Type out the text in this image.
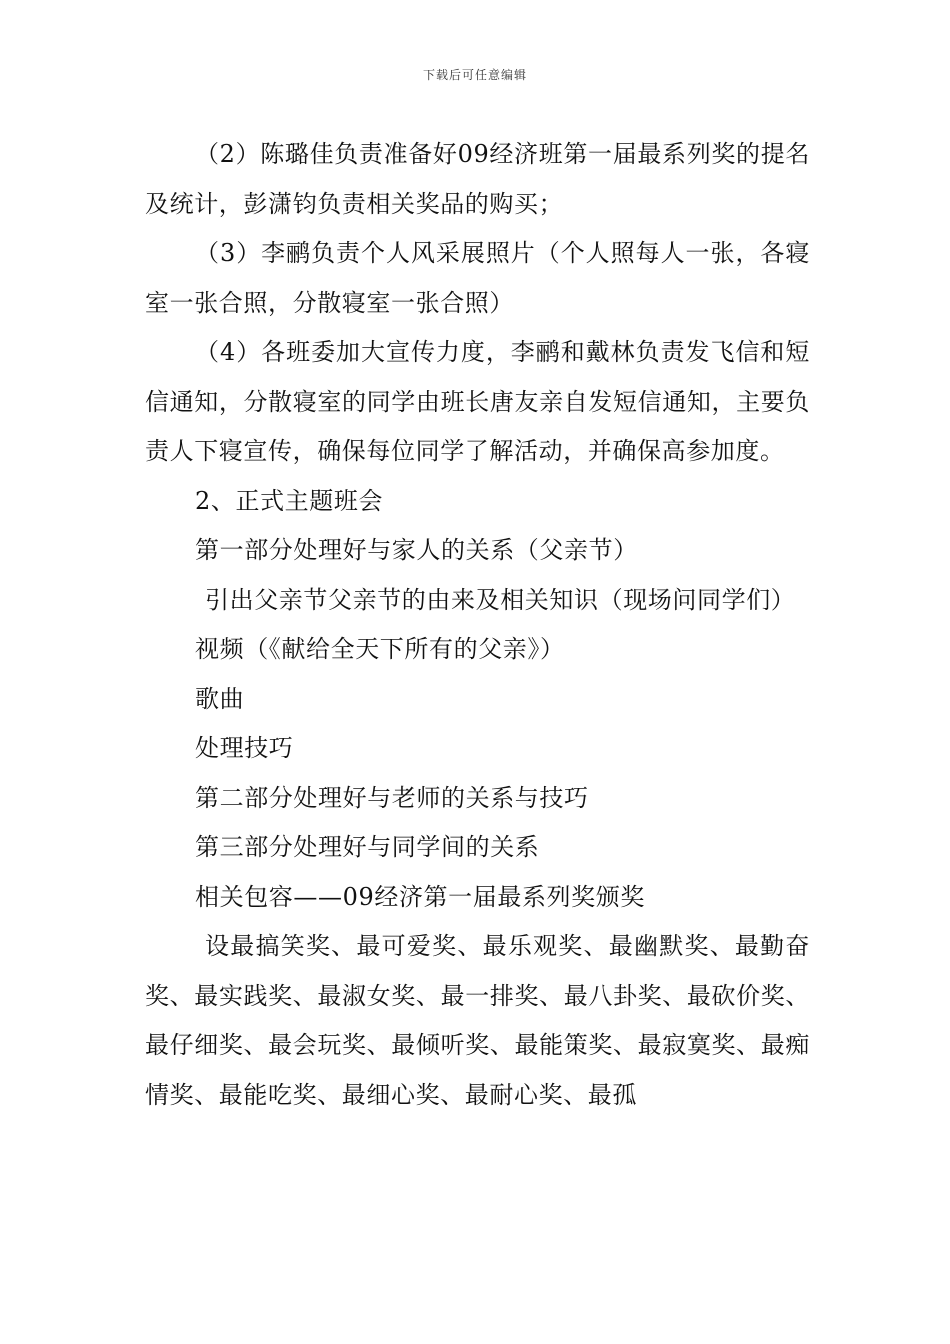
下载后可任意编辑

（2）陈璐佳负责准备好09经济班第一届最系列奖的提名及统计，彭潇钧负责相关奖品的购买；

（3）李鹂负责个人风采展照片（个人照每人一张，各寝室一张合照，分散寝室一张合照）

（4）各班委加大宣传力度，李鹂和戴林负责发飞信和短信通知，分散寝室的同学由班长唐友亲自发短信通知，主要负责人下寝宣传，确保每位同学了解活动，并确保高参加度。

2、正式主题班会

第一部分处理好与家人的关系（父亲节）

引出父亲节父亲节的由来及相关知识（现场问同学们）

视频（《献给全天下所有的父亲》）

歌曲

处理技巧

第二部分处理好与老师的关系与技巧

第三部分处理好与同学间的关系

相关包容——09经济第一届最系列奖颁奖

设最搞笑奖、最可爱奖、最乐观奖、最幽默奖、最勤奋奖、最实践奖、最淑女奖、最一排奖、最八卦奖、最砍价奖、最仔细奖、最会玩奖、最倾听奖、最能策奖、最寂寞奖、最痴情奖、最能吃奖、最细心奖、最耐心奖、最孤
